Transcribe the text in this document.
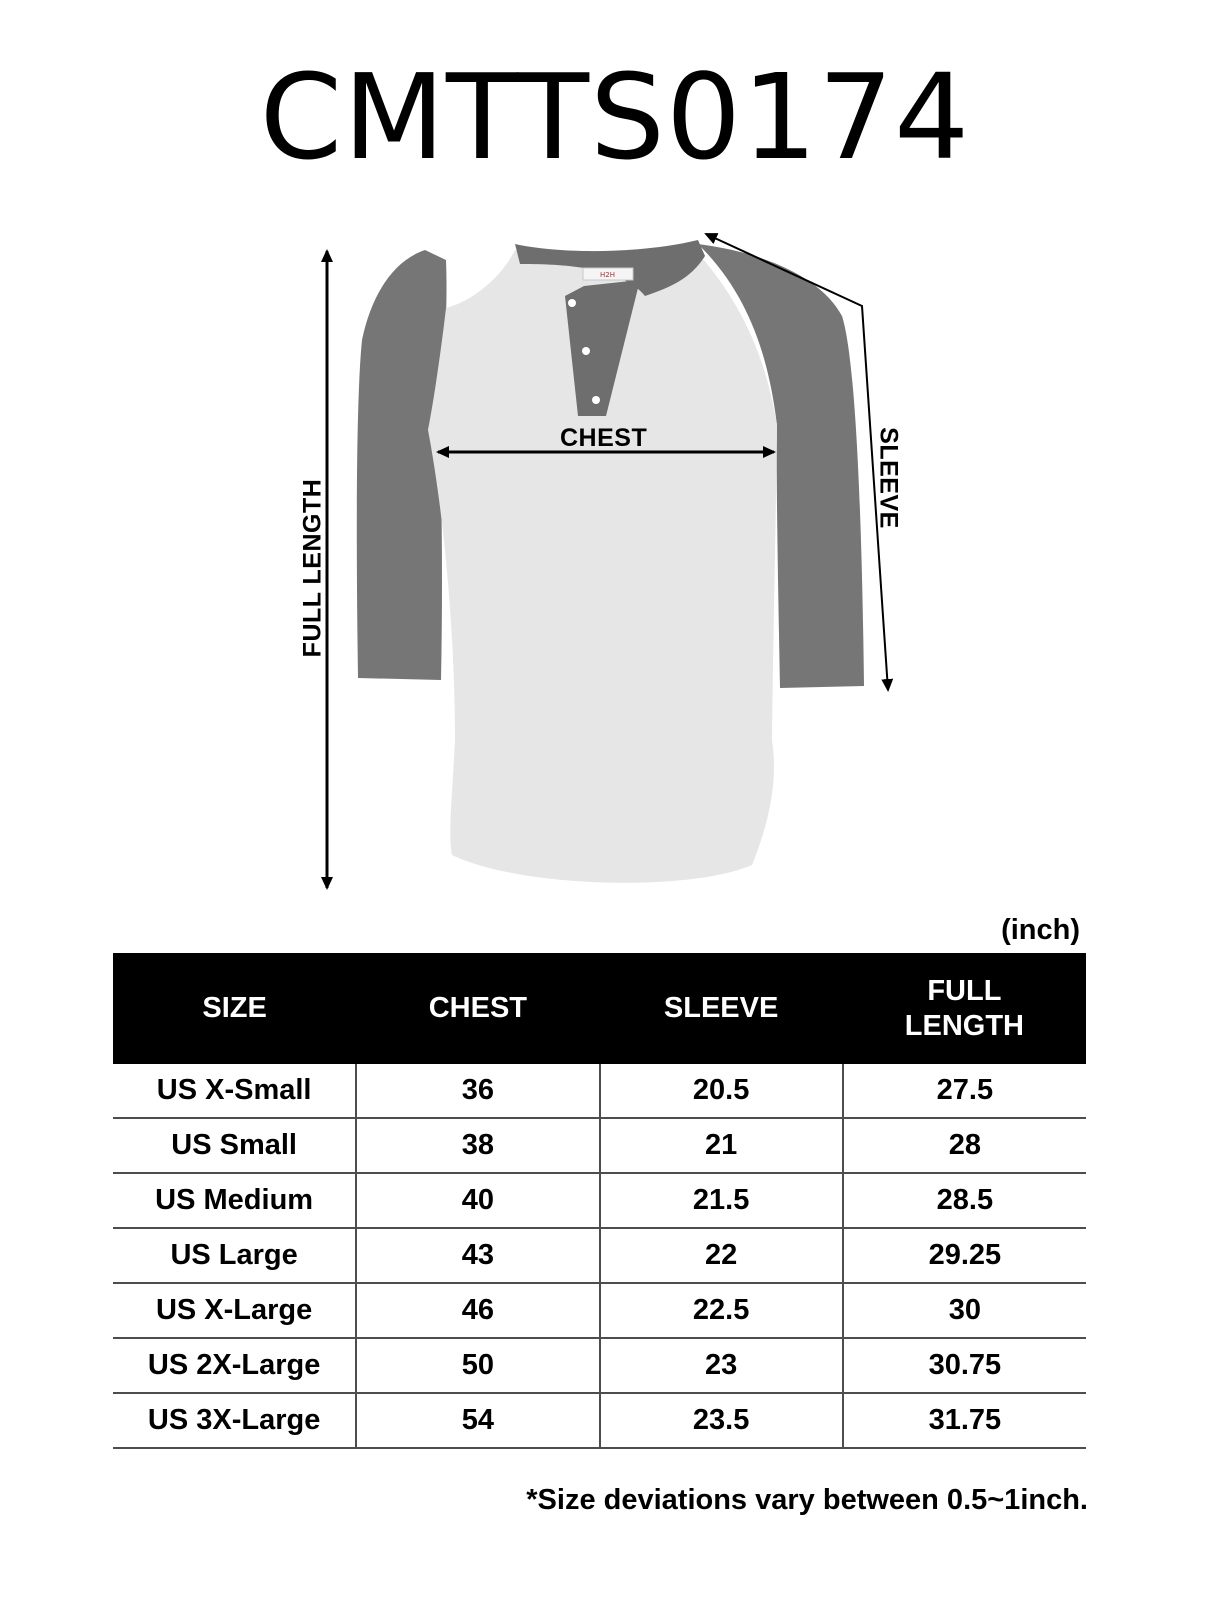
CMTTS0174
H2H
CHEST
FULL LENGTH
SLEEVE
(inch)
SIZE	CHEST	SLEEVE	FULL LENGTH
US X-Small	36	20.5	27.5
US Small	38	21	28
US Medium	40	21.5	28.5
US Large	43	22	29.25
US X-Large	46	22.5	30
US 2X-Large	50	23	30.75
US 3X-Large	54	23.5	31.75
*Size deviations vary between 0.5~1inch.
